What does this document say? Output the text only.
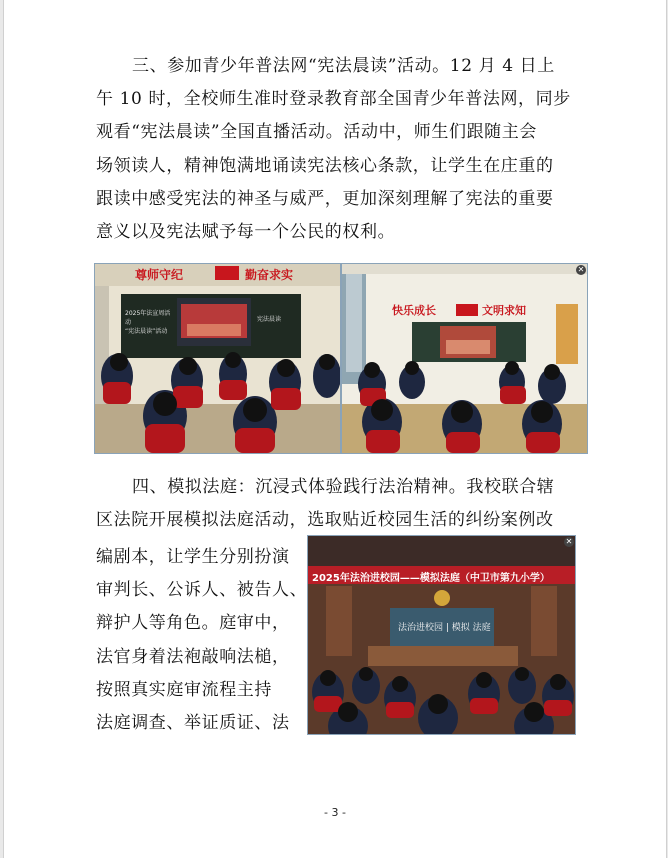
三、参加青少年普法网“宪法晨读”活动。12 月 4 日上
午 10 时，全校师生准时登录教育部全国青少年普法网，同步
观看“宪法晨读”全国直播活动。活动中，师生们跟随主会
场领读人，精神饱满地诵读宪法核心条款，让学生在庄重的
跟读中感受宪法的神圣与威严，更加深刻理解了宪法的重要
意义以及宪法赋予每一个公民的权利。

尊师守纪	勤奋求实
2025年法宣周活动
“宪法晨读”活动
宪法晨读
快乐成长	文明求知
✕

四、模拟法庭：沉浸式体验践行法治精神。我校联合辖
区法院开展模拟法庭活动，选取贴近校园生活的纠纷案例改

编剧本，让学生分别扮演
审判长、公诉人、被告人、
辩护人等角色。庭审中，
法官身着法袍敲响法槌，
按照真实庭审流程主持
法庭调查、举证质证、法

2025年法治进校园——模拟法庭（中卫市第九小学）
法治进校园 | 模拟 法庭
✕
- 3 -
